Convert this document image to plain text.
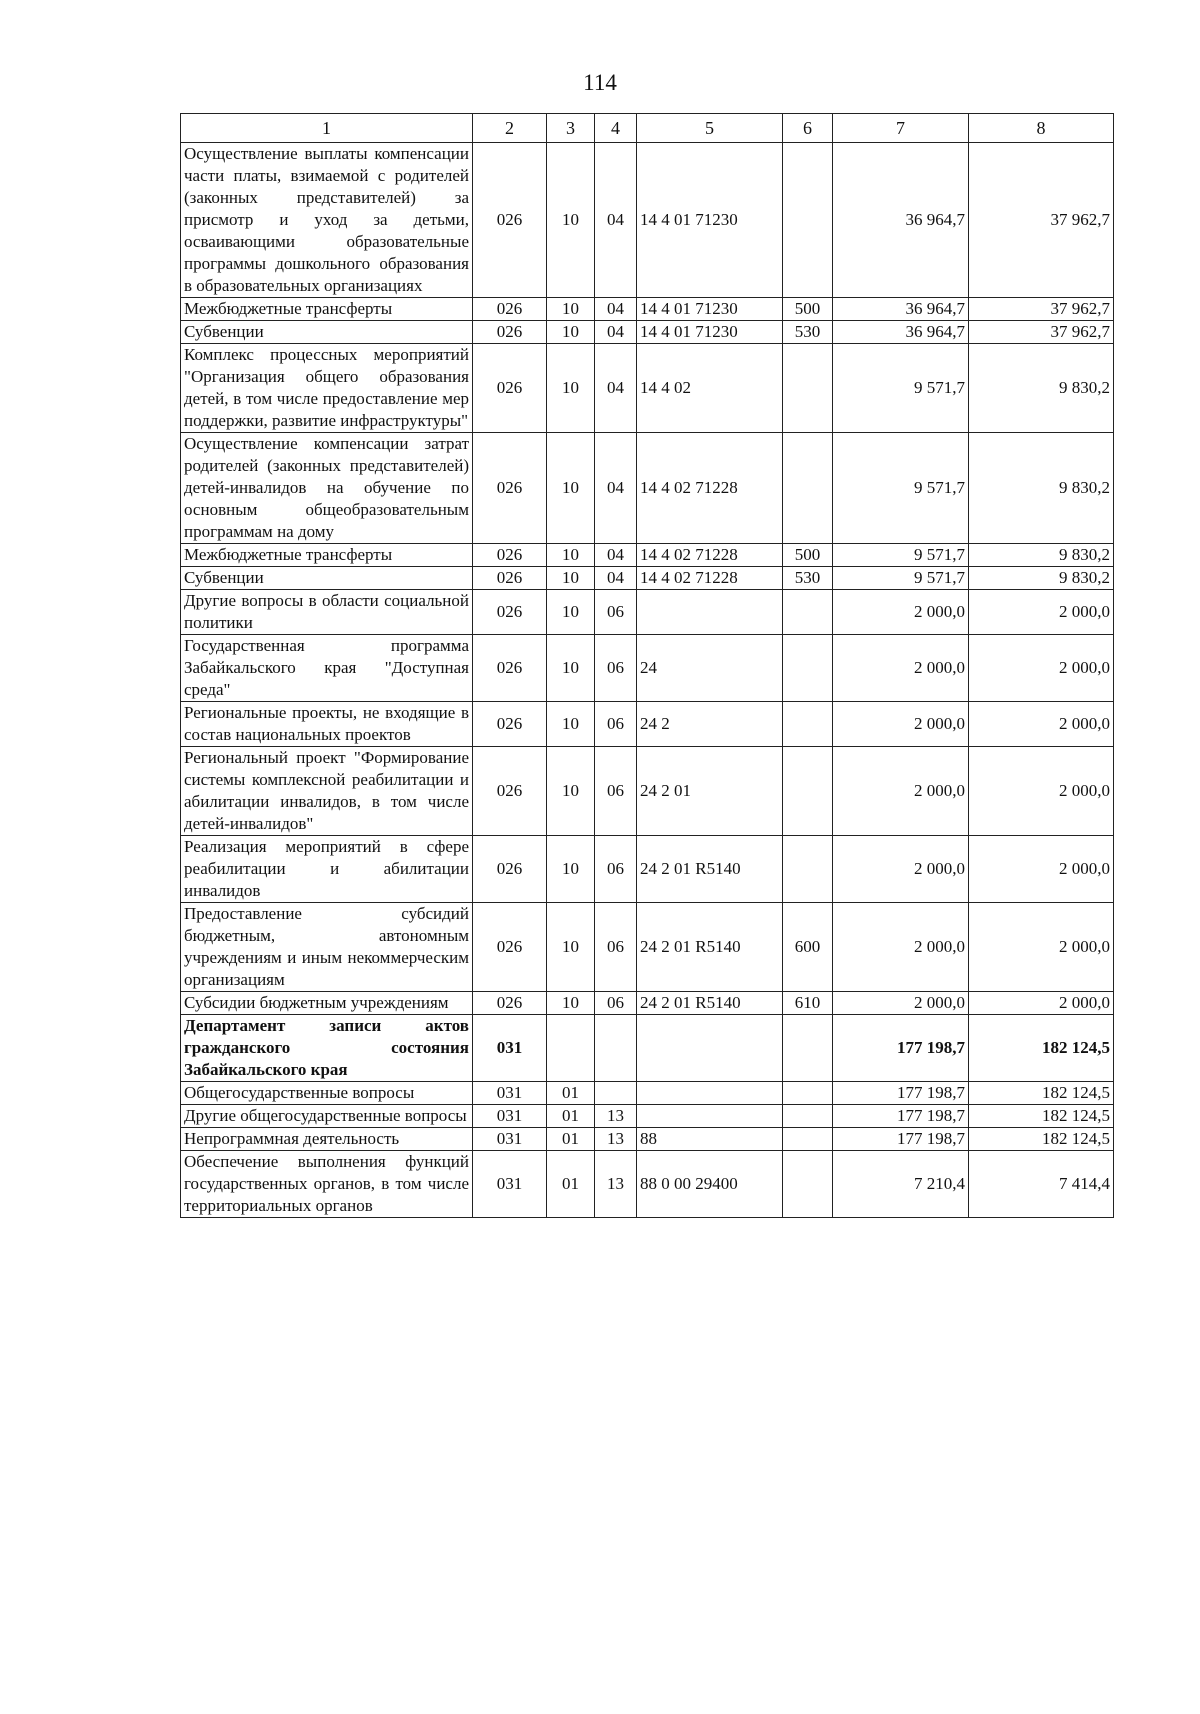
114
1	2	3	4	5	6	7	8
Осуществление выплаты компенсации части платы, взимаемой с родителей (законных представителей) за присмотр и уход за детьми, осваивающими образовательные программы дошкольного образования в образовательных организациях	026	10	04	14 4 01 71230		36 964,7	37 962,7
Межбюджетные трансферты	026	10	04	14 4 01 71230	500	36 964,7	37 962,7
Субвенции	026	10	04	14 4 01 71230	530	36 964,7	37 962,7
Комплекс процессных мероприятий "Организация общего образования детей, в том числе предоставление мер поддержки, развитие инфраструктуры"	026	10	04	14 4 02		9 571,7	9 830,2
Осуществление компенсации затрат родителей (законных представителей) детей-инвалидов на обучение по основным общеобразовательным программам на дому	026	10	04	14 4 02 71228		9 571,7	9 830,2
Межбюджетные трансферты	026	10	04	14 4 02 71228	500	9 571,7	9 830,2
Субвенции	026	10	04	14 4 02 71228	530	9 571,7	9 830,2
Другие вопросы в области социальной политики	026	10	06			2 000,0	2 000,0
Государственная программа Забайкальского края "Доступная среда"	026	10	06	24		2 000,0	2 000,0
Региональные проекты, не входящие в состав национальных проектов	026	10	06	24 2		2 000,0	2 000,0
Региональный проект "Формирование системы комплексной реабилитации и абилитации инвалидов, в том числе детей-инвалидов"	026	10	06	24 2 01		2 000,0	2 000,0
Реализация мероприятий в сфере реабилитации и абилитации инвалидов	026	10	06	24 2 01 R5140		2 000,0	2 000,0
Предоставление субсидий бюджетным, автономным учреждениям и иным некоммерческим организациям	026	10	06	24 2 01 R5140	600	2 000,0	2 000,0
Субсидии бюджетным учреждениям	026	10	06	24 2 01 R5140	610	2 000,0	2 000,0
Департамент записи актов гражданского состояния Забайкальского края	031					177 198,7	182 124,5
Общегосударственные вопросы	031	01				177 198,7	182 124,5
Другие общегосударственные вопросы	031	01	13			177 198,7	182 124,5
Непрограммная деятельность	031	01	13	88		177 198,7	182 124,5
Обеспечение выполнения функций государственных органов, в том числе территориальных органов	031	01	13	88 0 00 29400		7 210,4	7 414,4
